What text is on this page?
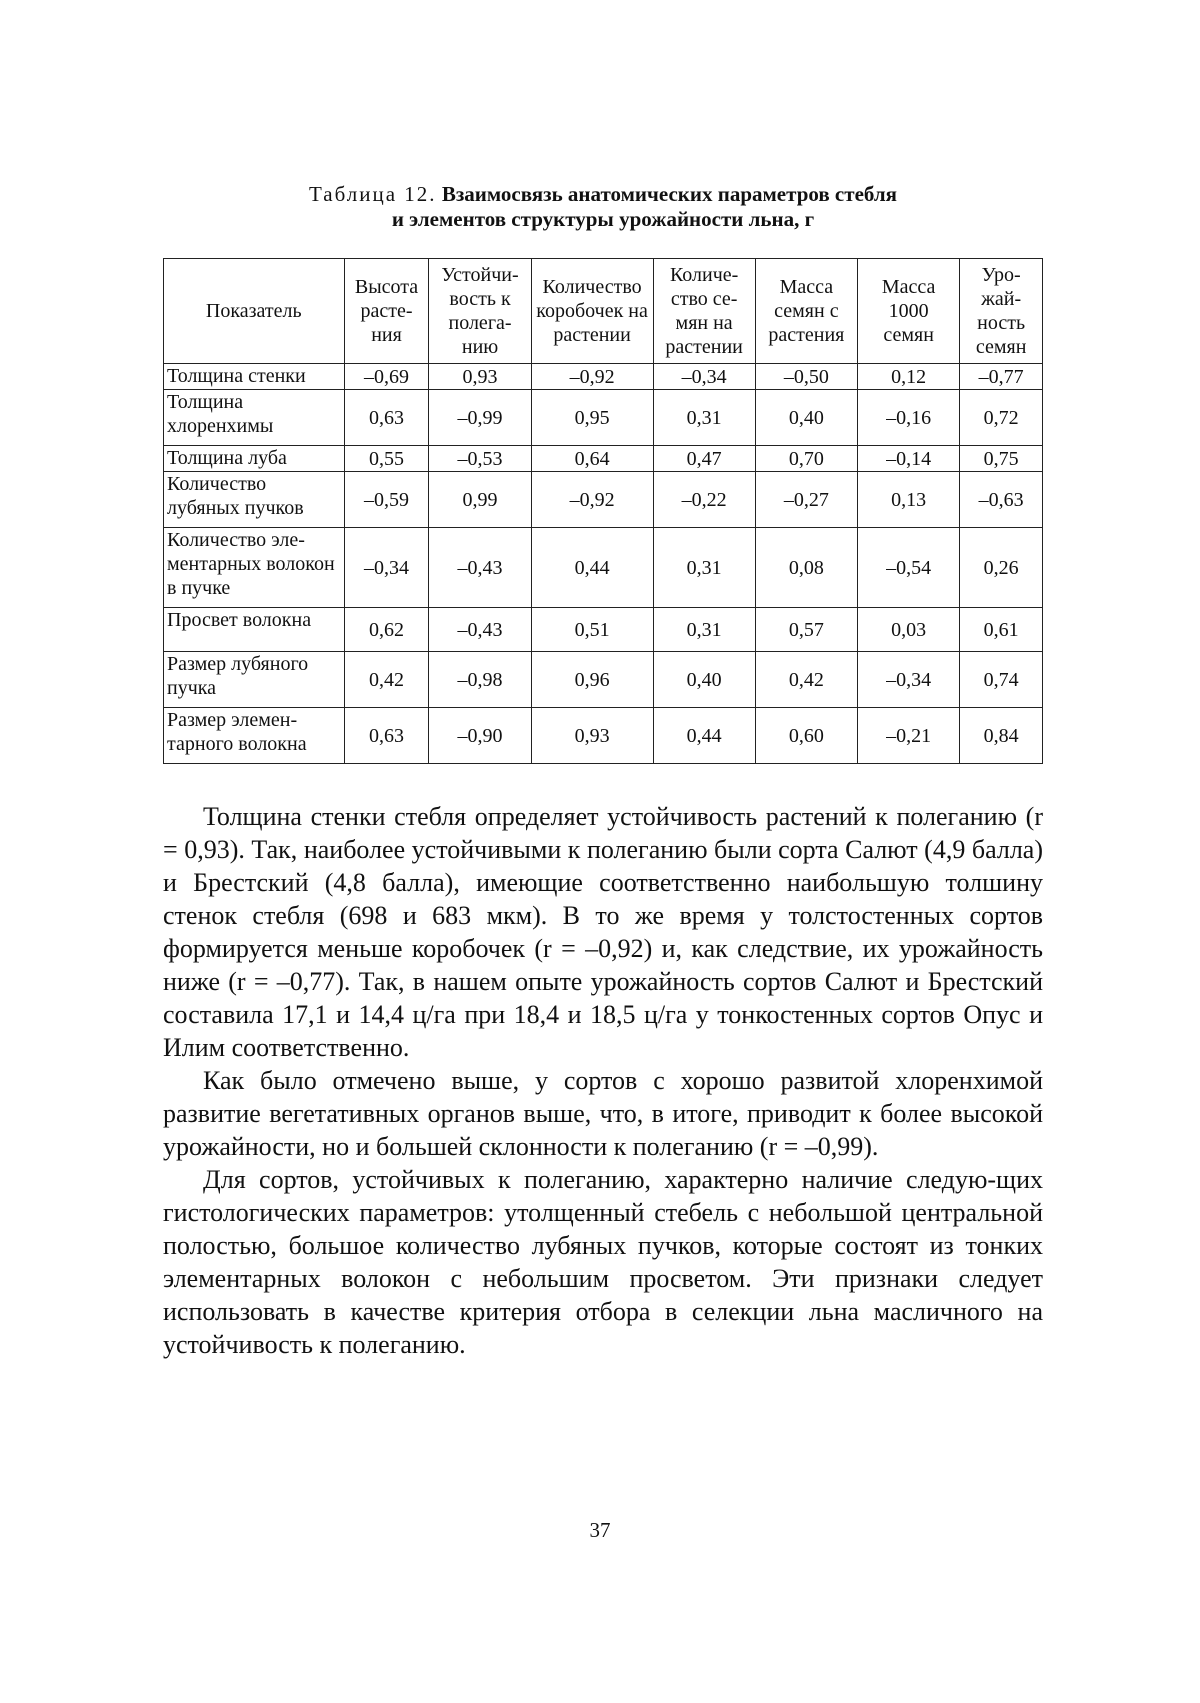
Таблица 12. Взаимосвязь анатомических параметров стебля
и элементов структуры урожайности льна, г
Показатель	Высота расте-ния	Устойчи-вость к полега-нию	Количество коробочек на растении	Количе-ство се-мян на растении	Масса семян с растения	Масса 1000 семян	Уро-жай-ность семян
Толщина стенки	–0,69	0,93	–0,92	–0,34	–0,50	0,12	–0,77
Толщина хлоренхимы	0,63	–0,99	0,95	0,31	0,40	–0,16	0,72
Толщина луба	0,55	–0,53	0,64	0,47	0,70	–0,14	0,75
Количество лубяных пучков	–0,59	0,99	–0,92	–0,22	–0,27	0,13	–0,63
Количество эле-ментарных волокон в пучке	–0,34	–0,43	0,44	0,31	0,08	–0,54	0,26
Просвет волокна	0,62	–0,43	0,51	0,31	0,57	0,03	0,61
Размер лубяного пучка	0,42	–0,98	0,96	0,40	0,42	–0,34	0,74
Размер элемен-тарного волокна	0,63	–0,90	0,93	0,44	0,60	–0,21	0,84

Толщина стенки стебля определяет устойчивость растений к полеганию (r = 0,93). Так, наиболее устойчивыми к полеганию были сорта Салют (4,9 балла) и Брестский (4,8 балла), имеющие соответственно наибольшую толшину стенок стебля (698 и 683 мкм). В то же время у толстостенных сортов формируется меньше коробочек (r = –0,92) и, как следствие, их урожайность ниже (r = –0,77). Так, в нашем опыте урожайность сортов Салют и Брестский составила 17,1 и 14,4 ц/га при 18,4 и 18,5 ц/га у тонкостенных сортов Опус и Илим соответственно.

Как было отмечено выше, у сортов с хорошо развитой хлоренхимой развитие вегетативных органов выше, что, в итоге, приводит к более высокой урожайности, но и большей склонности к полеганию (r = –0,99).

Для сортов, устойчивых к полеганию, характерно наличие следую-щих гистологических параметров: утолщенный стебель с небольшой центральной полостью, большое количество лубяных пучков, которые состоят из тонких элементарных волокон с небольшим просветом. Эти признаки следует использовать в качестве критерия отбора в селекции льна масличного на устойчивость к полеганию.

37
